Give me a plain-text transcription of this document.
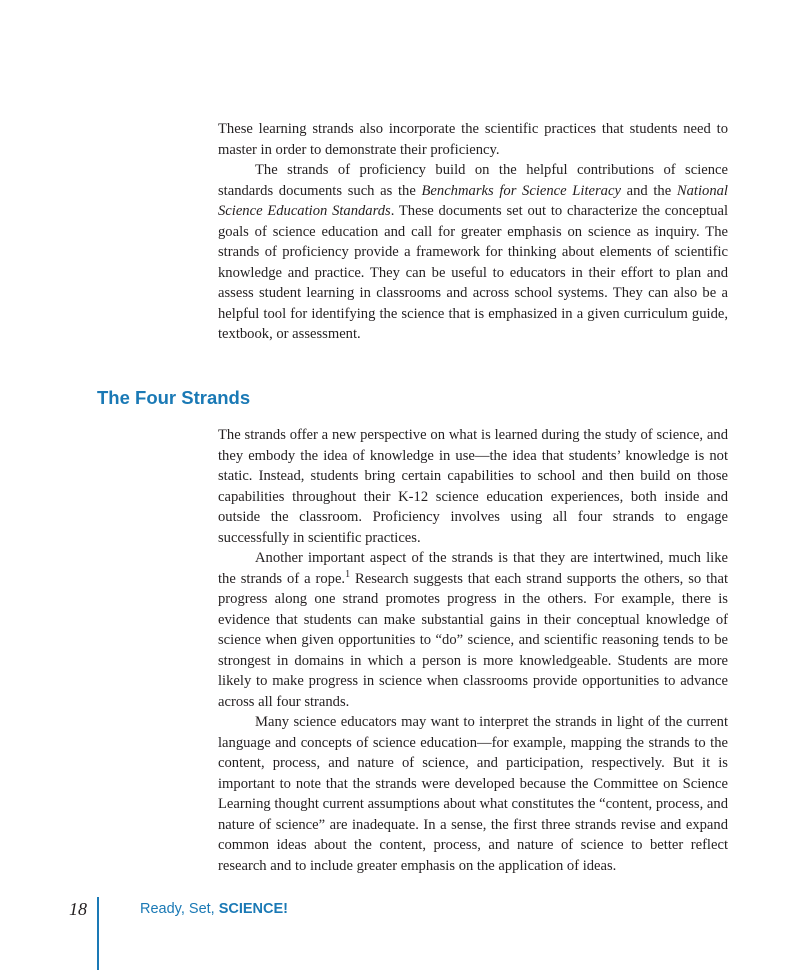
These learning strands also incorporate the scientific practices that students need to master in order to demonstrate their proficiency.

The strands of proficiency build on the helpful contributions of science standards documents such as the Benchmarks for Science Literacy and the National Science Education Standards. These documents set out to characterize the conceptual goals of science education and call for greater emphasis on science as inquiry. The strands of proficiency provide a framework for thinking about elements of scientific knowledge and practice. They can be useful to educators in their effort to plan and assess student learning in classrooms and across school systems. They can also be a helpful tool for identifying the science that is emphasized in a given curriculum guide, textbook, or assessment.

The Four Strands

The strands offer a new perspective on what is learned during the study of science, and they embody the idea of knowledge in use—the idea that students’ knowledge is not static. Instead, students bring certain capabilities to school and then build on those capabilities throughout their K-12 science education experiences, both inside and outside the classroom. Proficiency involves using all four strands to engage successfully in scientific practices.

Another important aspect of the strands is that they are intertwined, much like the strands of a rope.$^1$ Research suggests that each strand supports the others, so that progress along one strand promotes progress in the others. For example, there is evidence that students can make substantial gains in their conceptual knowledge of science when given opportunities to “do” science, and scientific reasoning tends to be strongest in domains in which a person is more knowledgeable. Students are more likely to make progress in science when classrooms provide opportunities to advance across all four strands.

Many science educators may want to interpret the strands in light of the current language and concepts of science education—for example, mapping the strands to the content, process, and nature of science, and participation, respectively. But it is important to note that the strands were developed because the Committee on Science Learning thought current assumptions about what constitutes the “content, process, and nature of science” are inadequate. In a sense, the first three strands revise and expand common ideas about the content, process, and nature of science to better reflect research and to include greater emphasis on the application of ideas.

18	Ready, Set, SCIENCE!
